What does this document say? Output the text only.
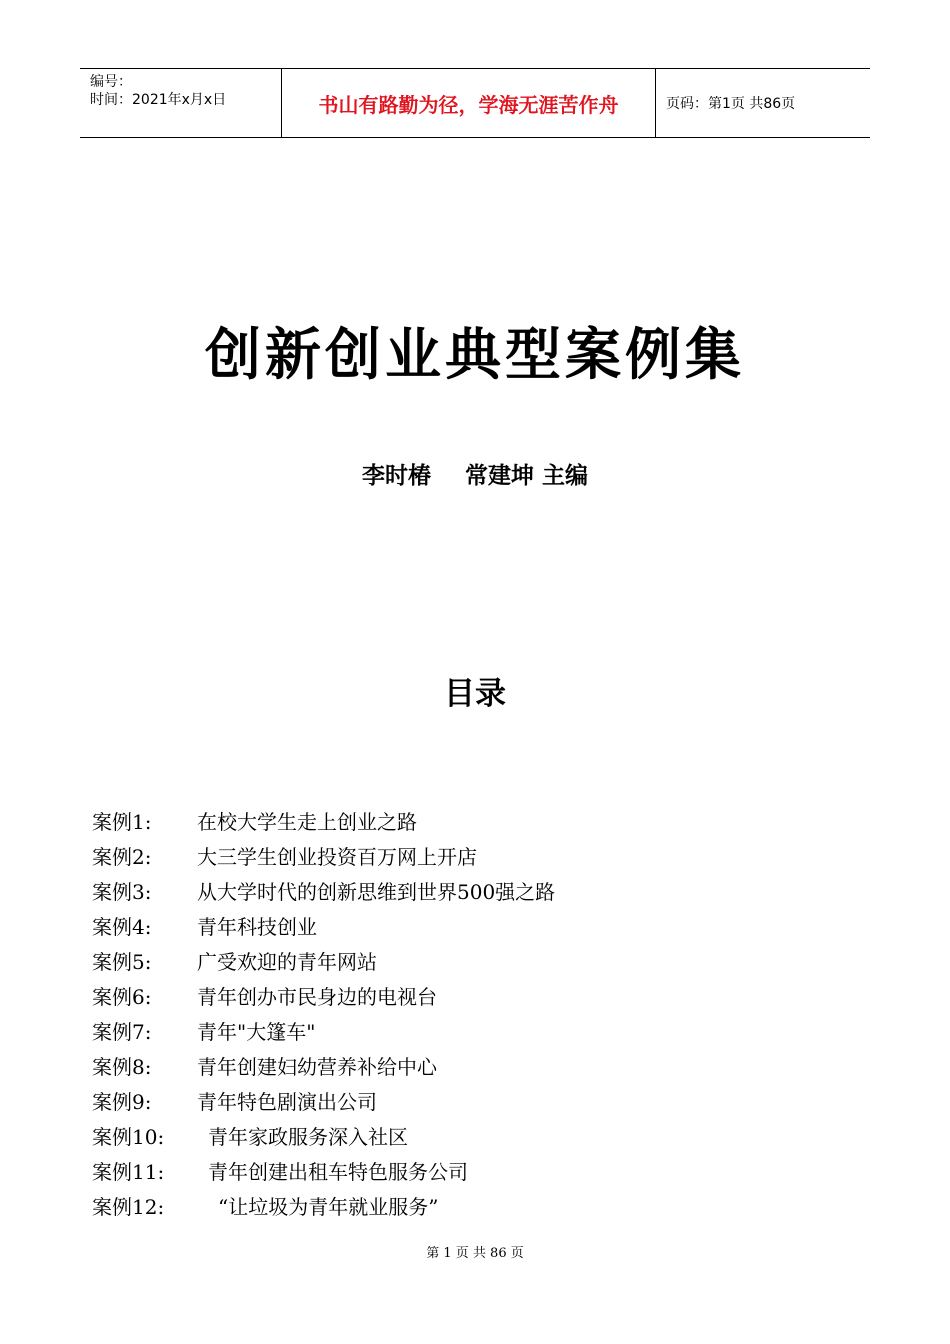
编号：
时间：2021年x月x日	书山有路勤为径，学海无涯苦作舟	页码：第1页 共86页
创新创业典型案例集
李时椿 常建坤 主编
目录
案例1: 在校大学生走上创业之路
案例2: 大三学生创业投资百万网上开店
案例3: 从大学时代的创新思维到世界500强之路
案例4: 青年科技创业
案例5: 广受欢迎的青年网站
案例6: 青年创办市民身边的电视台
案例7: 青年"大篷车"
案例8: 青年创建妇幼营养补给中心
案例9: 青年特色剧演出公司
案例10: 青年家政服务深入社区
案例11: 青年创建出租车特色服务公司
案例12:	“让垃圾为青年就业服务”
第 1 页 共 86 页
